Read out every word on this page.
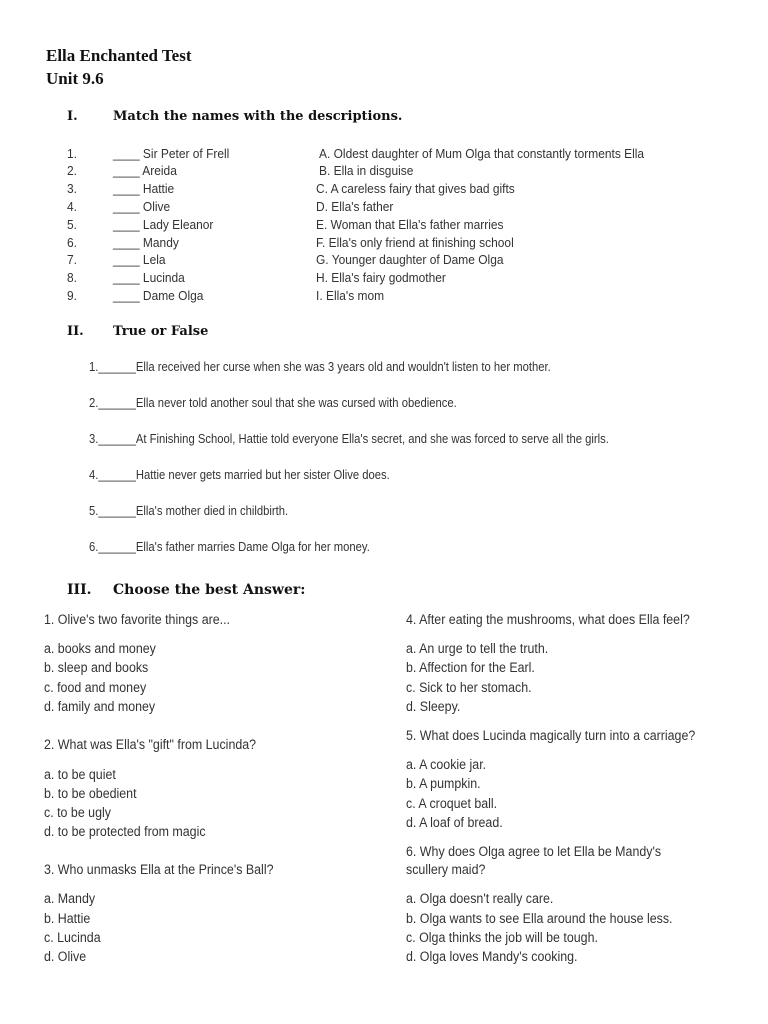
Ella Enchanted Test
Unit 9.6
I.	Match the names with the descriptions.
1.	____ Sir Peter of Frell	A. Oldest daughter of Mum Olga that constantly torments Ella
2.	____ Areida	B. Ella in disguise
3.	____ Hattie	C. A careless fairy that gives bad gifts
4.	____ Olive	D. Ella's father
5.	____ Lady Eleanor	E. Woman that Ella's father marries
6.	____ Mandy	F. Ella's only friend at finishing school
7.	____ Lela	G. Younger daughter of Dame Olga
8.	____ Lucinda	H. Ella's fairy godmother
9.	____ Dame Olga	I. Ella's mom
II. True or False
1.______Ella received her curse when she was 3 years old and wouldn't listen to her mother.
2.______Ella never told another soul that she was cursed with obedience.
3.______At Finishing School, Hattie told everyone Ella's secret, and she was forced to serve all the girls.
4.______Hattie never gets married but her sister Olive does.
5.______Ella's mother died in childbirth.
6.______Ella's father marries Dame Olga for her money.
III. Choose the best Answer:
1. Olive's two favorite things are...
a. books and money
b. sleep and books
c. food and money
d. family and money
2. What was Ella's "gift" from Lucinda?
a. to be quiet
b. to be obedient
c. to be ugly
d. to be protected from magic
3. Who unmasks Ella at the Prince's Ball?
a. Mandy
b. Hattie
c. Lucinda
d. Olive
4. After eating the mushrooms, what does Ella feel?
a. An urge to tell the truth.
b. Affection for the Earl.
c. Sick to her stomach.
d. Sleepy.
5. What does Lucinda magically turn into a carriage?
a. A cookie jar.
b. A pumpkin.
c. A croquet ball.
d. A loaf of bread.
6. Why does Olga agree to let Ella be Mandy's
scullery maid?
a. Olga doesn't really care.
b. Olga wants to see Ella around the house less.
c. Olga thinks the job will be tough.
d. Olga loves Mandy's cooking.
